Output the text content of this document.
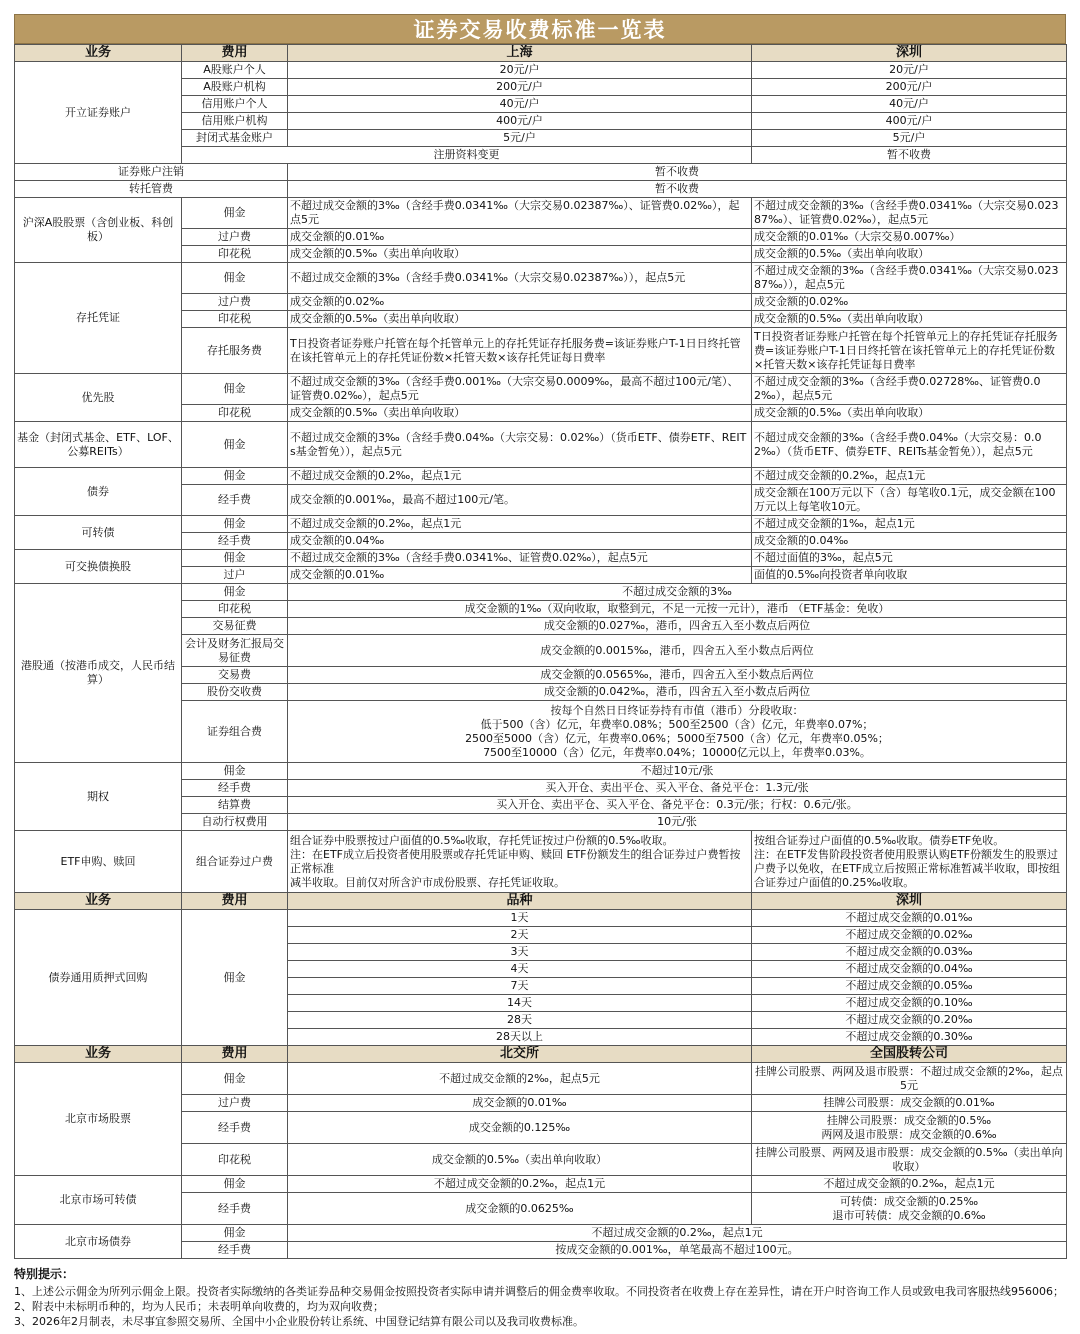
证券交易收费标准一览表
业务	费用	上海	深圳
开立证券账户	A股账户个人	20元/户	20元/户
	A股账户机构	200元/户	200元/户
	信用账户个人	40元/户	40元/户
	信用账户机构	400元/户	400元/户
	封闭式基金账户	5元/户	5元/户
	注册资料变更		暂不收费
证券账户注销		暂不收费	
转托管费		暂不收费	
沪深A股股票（含创业板、科创板）	佣金	不超过成交金额的3‰（含经手费0.0341‰（大宗交易0.02387‰）、证管费0.02‰），起点5元	不超过成交金额的3‰（含经手费0.0341‰（大宗交易0.02387‰）、证管费0.02‰），起点5元
	过户费	成交金额的0.01‰	成交金额的0.01‰（大宗交易0.007‰）
	印花税	成交金额的0.5‰（卖出单向收取）	成交金额的0.5‰（卖出单向收取）
存托凭证	佣金	不超过成交金额的3‰（含经手费0.0341‰（大宗交易0.02387‰）），起点5元	不超过成交金额的3‰（含经手费0.0341‰（大宗交易0.02387‰）），起点5元
	过户费	成交金额的0.02‰	成交金额的0.02‰
	印花税	成交金额的0.5‰（卖出单向收取）	成交金额的0.5‰（卖出单向收取）
	存托服务费	T日投资者证券账户托管在每个托管单元上的存托凭证存托服务费=该证券账户T-1日日终托管在该托管单元上的存托凭证份数×托管天数×该存托凭证每日费率	T日投资者证券账户托管在每个托管单元上的存托凭证存托服务费=该证券账户T-1日日终托管在该托管单元上的存托凭证份数×托管天数×该存托凭证每日费率
优先股	佣金	不超过成交金额的3‰（含经手费0.001‰（大宗交易0.0009‰，最高不超过100元/笔）、证管费0.02‰），起点5元	不超过成交金额的3‰（含经手费0.02728‰、证管费0.02‰），起点5元
	印花税	成交金额的0.5‰（卖出单向收取）	成交金额的0.5‰（卖出单向收取）
基金（封闭式基金、ETF、LOF、公募REITs）	佣金	不超过成交金额的3‰（含经手费0.04‰（大宗交易：0.02‰）（货币ETF、债券ETF、REITs基金暂免）），起点5元	不超过成交金额的3‰（含经手费0.04‰（大宗交易：0.02‰）（货币ETF、债券ETF、REITs基金暂免）），起点5元
债券	佣金	不超过成交金额的0.2‰，起点1元	不超过成交金额的0.2‰，起点1元
	经手费	成交金额的0.001‰，最高不超过100元/笔。	成交金额在100万元以下（含）每笔收0.1元，成交金额在100万元以上每笔收10元。
可转债	佣金	不超过成交金额的0.2‰，起点1元	不超过成交金额的1‰，起点1元
	经手费	成交金额的0.04‰	成交金额的0.04‰
可交换债换股	佣金	不超过成交金额的3‰（含经手费0.0341‰、证管费0.02‰），起点5元	不超过面值的3‰，起点5元
	过户	成交金额的0.01‰	面值的0.5‰向投资者单向收取
港股通（按港币成交，人民币结算）	佣金	不超过成交金额的3‰	
	印花税	成交金额的1‰（双向收取，取整到元，不足一元按一元计），港币 （ETF基金：免收）	
	交易征费	成交金额的0.027‰，港币，四舍五入至小数点后两位	
	会计及财务汇报局交易征费	成交金额的0.0015‰，港币，四舍五入至小数点后两位	
	交易费	成交金额的0.0565‰，港币，四舍五入至小数点后两位	
	股份交收费	成交金额的0.042‰，港币，四舍五入至小数点后两位	
	证券组合费	按每个自然日日终证券持有市值（港币）分段收取：
低于500（含）亿元，年费率0.08%；500至2500（含）亿元，年费率0.07%；
2500至5000（含）亿元，年费率0.06%；5000至7500（含）亿元，年费率0.05%；
7500至10000（含）亿元，年费率0.04%；10000亿元以上，年费率0.03%。	
期权	佣金	不超过10元/张	
	经手费	买入开仓、卖出平仓、买入平仓、备兑平仓：1.3元/张	
	结算费	买入开仓、卖出平仓、买入平仓、备兑平仓：0.3元/张；行权：0.6元/张。	
	自动行权费用	10元/张	
ETF申购、赎回	组合证券过户费	组合证券中股票按过户面值的0.5‰收取，存托凭证按过户份额的0.5‰收取。
注：在ETF成立后投资者使用股票或存托凭证申购、赎回 ETF份额发生的组合证券过户费暂按正常标准
减半收取。目前仅对所含沪市成份股票、存托凭证收取。	按组合证券过户面值的0.5‰收取。债券ETF免收。
注：在ETF发售阶段投资者使用股票认购ETF份额发生的股票过户费予以免收，在ETF成立后按照正常标准暂减半收取，即按组合证券过户面值的0.25‰收取。
业务	费用	品种	深圳
债券通用质押式回购	佣金	1天	不超过成交金额的0.01‰
		2天	不超过成交金额的0.02‰
		3天	不超过成交金额的0.03‰
		4天	不超过成交金额的0.04‰
		7天	不超过成交金额的0.05‰
		14天	不超过成交金额的0.10‰
		28天	不超过成交金额的0.20‰
		28天以上	不超过成交金额的0.30‰
业务	费用	北交所	全国股转公司
北京市场股票	佣金	不超过成交金额的2‰，起点5元	挂牌公司股票、两网及退市股票：不超过成交金额的2‰，起点5元
	过户费	成交金额的0.01‰	挂牌公司股票：成交金额的0.01‰
	经手费	成交金额的0.125‰	挂牌公司股票：成交金额的0.5‰
两网及退市股票：成交金额的0.6‰
	印花税	成交金额的0.5‰（卖出单向收取）	挂牌公司股票、两网及退市股票：成交金额的0.5‰（卖出单向收取）
北京市场可转债	佣金	不超过成交金额的0.2‰，起点1元	不超过成交金额的0.2‰，起点1元
	经手费	成交金额的0.0625‰	可转债：成交金额的0.25‰
退市可转债：成交金额的0.6‰
北京市场债券	佣金	不超过成交金额的0.2‰，起点1元	
	经手费	按成交金额的0.001‰，单笔最高不超过100元。	
特别提示：
1、上述公示佣金为所列示佣金上限。投资者实际缴纳的各类证券品种交易佣金按照投资者实际申请并调整后的佣金费率收取。不同投资者在收费上存在差异性，请在开户时咨询工作人员或致电我司客服热线956006；
2、附表中未标明币种的，均为人民币；未表明单向收费的，均为双向收费；
3、2026年2月制表，未尽事宜参照交易所、全国中小企业股份转让系统、中国登记结算有限公司以及我司收费标准。
